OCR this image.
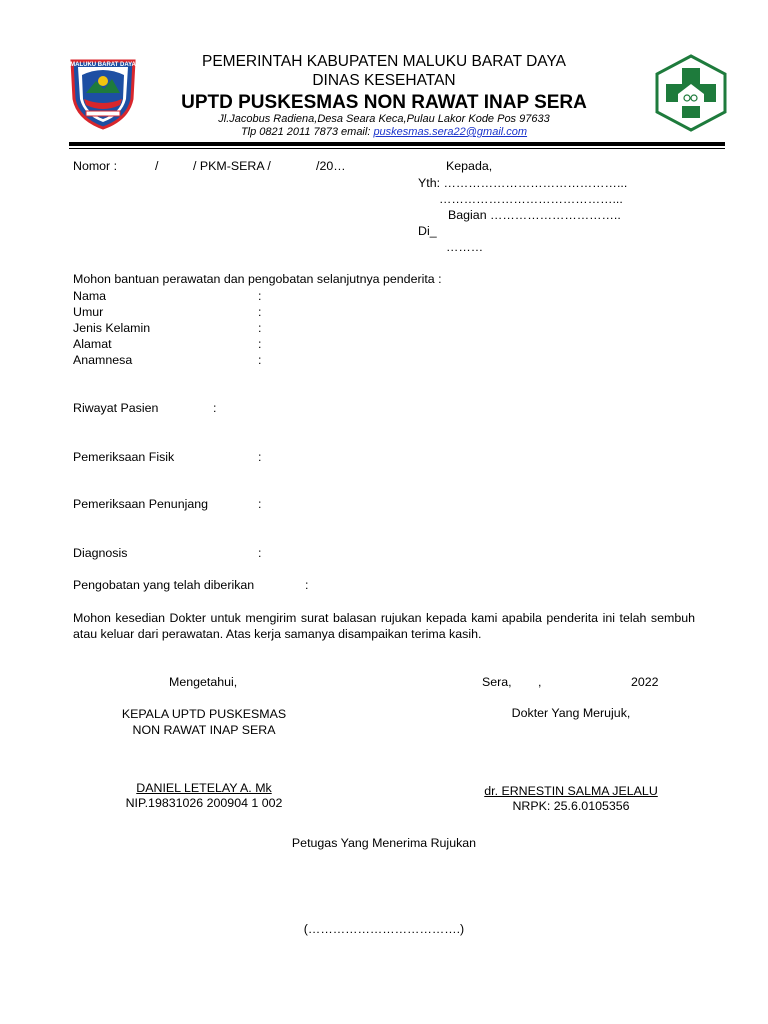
MALUKU BARAT DAYA	PEMERINTAH KABUPATEN MALUKU BARAT DAYA
DINAS KESEHATAN
UPTD PUSKESMAS NON RAWAT INAP SERA
Jl.Jacobus Radiena,Desa Seara Keca,Pulau Lakor Kode Pos 97633
Tlp 0821 2011 7873 email: puskesmas.sera22@gmail.com
Nomor :	/	/ PKM-SERA /	/20…	Kepada,
Yth: ……………………………………...
……………………………………...
Bagian …………………………..
Di_
………
Mohon bantuan perawatan dan pengobatan selanjutnya penderita :
Nama	:
Umur	:
Jenis Kelamin	:
Alamat	:
Anamnesa	:
Riwayat Pasien	:
Pemeriksaan Fisik	:
Pemeriksaan Penunjang	:
Diagnosis	:
Pengobatan yang telah diberikan	:
Mohon kesedian Dokter untuk mengirim surat balasan rujukan kepada kami apabila penderita ini telah sembuh atau keluar dari perawatan. Atas kerja samanya disampaikan terima kasih.
Mengetahui,	Sera, ,	2022
KEPALA UPTD PUSKESMAS
NON RAWAT INAP SERA
Dokter Yang Merujuk,
DANIEL LETELAY A. Mk
NIP.19831026 200904 1 002
dr. ERNESTIN SALMA JELALU
NRPK: 25.6.0105356
Petugas Yang Menerima Rujukan
(……………………………….)
